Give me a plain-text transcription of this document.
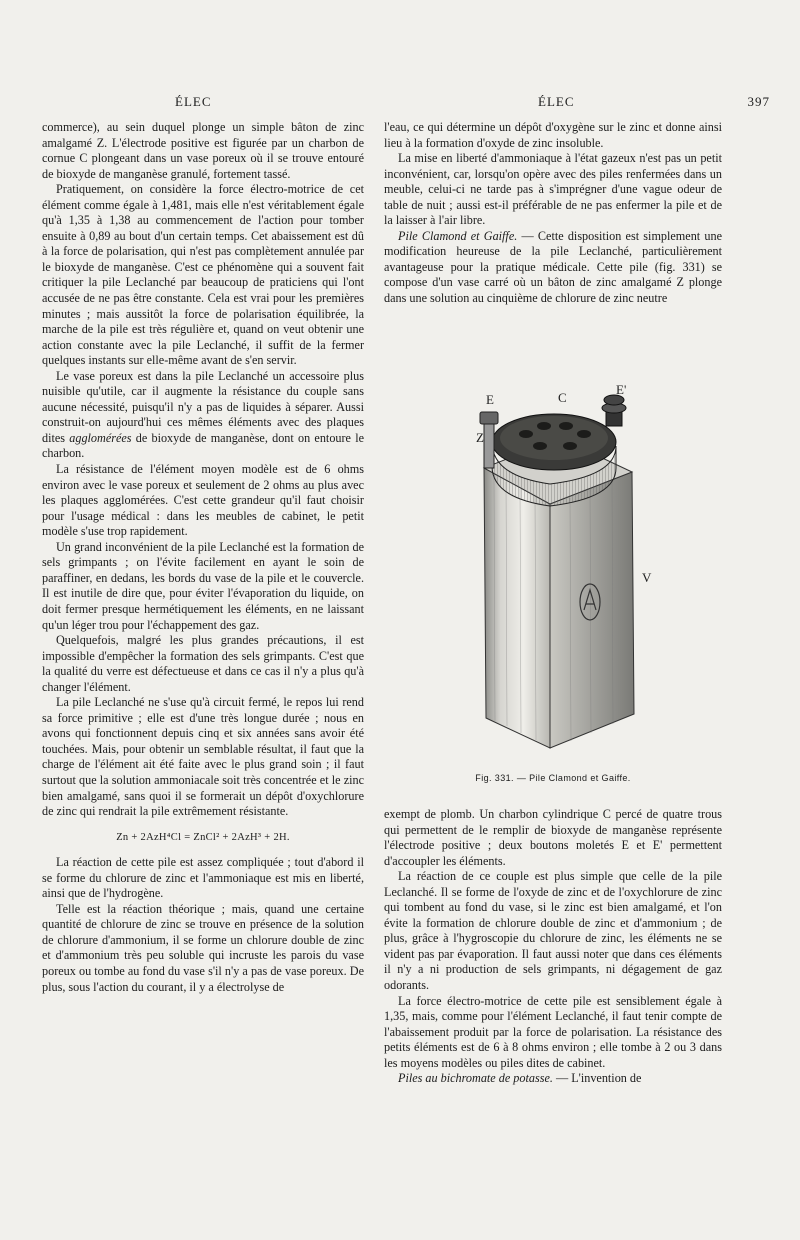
ÉLEC	ÉLEC	397

commerce), au sein duquel plonge un simple bâton de zinc amalgamé Z. L'électrode positive est figurée par un charbon de cornue C plongeant dans un vase poreux où il se trouve entouré de bioxyde de manganèse granulé, fortement tassé.

Pratiquement, on considère la force électro-motrice de cet élément comme égale à 1,481, mais elle n'est véritablement égale qu'à 1,35 à 1,38 au commencement de l'action pour tomber ensuite à 0,89 au bout d'un certain temps. Cet abaissement est dû à la force de polarisation, qui n'est pas complètement annulée par le bioxyde de manganèse. C'est ce phénomène qui a souvent fait critiquer la pile Leclanché par beaucoup de praticiens qui l'ont accusée de ne pas être constante. Cela est vrai pour les premières minutes ; mais aussitôt la force de polarisation équilibrée, la marche de la pile est très régulière et, quand on veut obtenir une action constante avec la pile Leclanché, il suffit de la fermer quelques instants sur elle-même avant de s'en servir.

Le vase poreux est dans la pile Leclanché un accessoire plus nuisible qu'utile, car il augmente la résistance du couple sans aucune nécessité, puisqu'il n'y a pas de liquides à séparer. Aussi construit-on aujourd'hui ces mêmes éléments avec des plaques dites agglomérées de bioxyde de manganèse, dont on entoure le charbon.

La résistance de l'élément moyen modèle est de 6 ohms environ avec le vase poreux et seulement de 2 ohms au plus avec les plaques agglomérées. C'est cette grandeur qu'il faut choisir pour l'usage médical : dans les meubles de cabinet, le petit modèle s'use trop rapidement.

Un grand inconvénient de la pile Leclanché est la formation de sels grimpants ; on l'évite facilement en ayant le soin de paraffiner, en dedans, les bords du vase de la pile et le couvercle. Il est inutile de dire que, pour éviter l'évaporation du liquide, on doit fermer presque hermétiquement les éléments, en ne laissant qu'un léger trou pour l'échappement des gaz.

Quelquefois, malgré les plus grandes précautions, il est impossible d'empêcher la formation des sels grimpants. C'est que la qualité du verre est défectueuse et dans ce cas il n'y a plus qu'à changer l'élément.

La pile Leclanché ne s'use qu'à circuit fermé, le repos lui rend sa force primitive ; elle est d'une très longue durée ; nous en avons qui fonctionnent depuis cinq et six années sans avoir été touchées. Mais, pour obtenir un semblable résultat, il faut que la charge de l'élément ait été faite avec le plus grand soin ; il faut surtout que la solution ammoniacale soit très concentrée et le zinc bien amalgamé, sans quoi il se formerait un dépôt d'oxychlorure de zinc qui rendrait la pile extrêmement résistante.

Zn + 2AzH⁴Cl = ZnCl² + 2AzH³ + 2H.

La réaction de cette pile est assez compliquée ; tout d'abord il se forme du chlorure de zinc et l'ammoniaque est mis en liberté, ainsi que de l'hydrogène.

Telle est la réaction théorique ; mais, quand une certaine quantité de chlorure de zinc se trouve en présence de la solution de chlorure d'ammonium, il se forme un chlorure double de zinc et d'ammonium très peu soluble qui incruste les parois du vase poreux ou tombe au fond du vase s'il n'y a pas de vase poreux. De plus, sous l'action du courant, il y a électrolyse de

l'eau, ce qui détermine un dépôt d'oxygène sur le zinc et donne ainsi lieu à la formation d'oxyde de zinc insoluble.

La mise en liberté d'ammoniaque à l'état gazeux n'est pas un petit inconvénient, car, lorsqu'on opère avec des piles renfermées dans un meuble, celui-ci ne tarde pas à s'imprégner d'une vague odeur de table de nuit ; aussi est-il préférable de ne pas enfermer la pile et de la laisser à l'air libre.

Pile Clamond et Gaiffe. — Cette disposition est simplement une modification heureuse de la pile Leclanché, particulièrement avantageuse pour la pratique médicale. Cette pile (fig. 331) se compose d'un vase carré où un bâton de zinc amalgamé Z plonge dans une solution au cinquième de chlorure de zinc neutre

E	C
E'
Z
V
Fig. 331. — Pile Clamond et Gaiffe.

exempt de plomb. Un charbon cylindrique C percé de quatre trous qui permettent de le remplir de bioxyde de manganèse représente l'électrode positive ; deux boutons moletés E et E' permettent d'accoupler les éléments.

La réaction de ce couple est plus simple que celle de la pile Leclanché. Il se forme de l'oxyde de zinc et de l'oxychlorure de zinc qui tombent au fond du vase, si le zinc est bien amalgamé, et l'on évite la formation de chlorure double de zinc et d'ammonium ; de plus, grâce à l'hygroscopie du chlorure de zinc, les éléments ne se vident pas par évaporation. Il faut aussi noter que dans ces éléments il n'y a ni production de sels grimpants, ni dégagement de gaz odorants.

La force électro-motrice de cette pile est sensiblement égale à 1,35, mais, comme pour l'élément Leclanché, il faut tenir compte de l'abaissement produit par la force de polarisation. La résistance des petits éléments est de 6 à 8 ohms environ ; elle tombe à 2 ou 3 dans les moyens modèles ou piles dites de cabinet.

Piles au bichromate de potasse. — L'invention de
